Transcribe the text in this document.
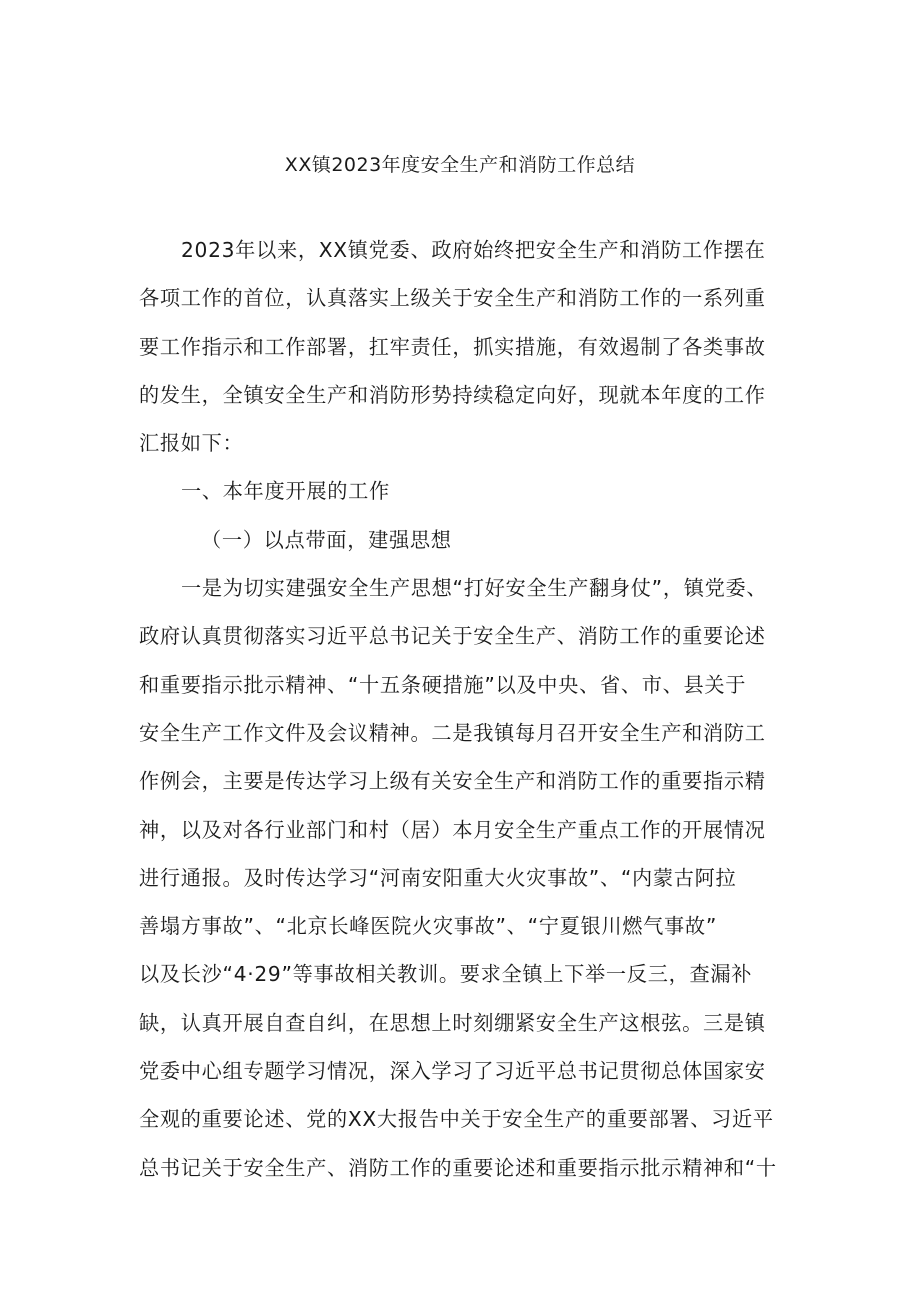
XX镇2023年度安全生产和消防工作总结
2023年以来，XX镇党委、政府始终把安全生产和消防工作摆在
各项工作的首位，认真落实上级关于安全生产和消防工作的一系列重
要工作指示和工作部署，扛牢责任，抓实措施，有效遏制了各类事故
的发生，全镇安全生产和消防形势持续稳定向好，现就本年度的工作
汇报如下：
一、本年度开展的工作
（一）以点带面，建强思想
一是为切实建强安全生产思想“打好安全生产翻身仗”，镇党委、
政府认真贯彻落实习近平总书记关于安全生产、消防工作的重要论述
和重要指示批示精神、“十五条硬措施”以及中央、省、市、县关于
安全生产工作文件及会议精神。二是我镇每月召开安全生产和消防工
作例会，主要是传达学习上级有关安全生产和消防工作的重要指示精
神，以及对各行业部门和村（居）本月安全生产重点工作的开展情况
进行通报。及时传达学习“河南安阳重大火灾事故”、“内蒙古阿拉
善塌方事故”、“北京长峰医院火灾事故”、“宁夏银川燃气事故”
以及长沙“4·29”等事故相关教训。要求全镇上下举一反三，查漏补
缺，认真开展自查自纠，在思想上时刻绷紧安全生产这根弦。三是镇
党委中心组专题学习情况，深入学习了习近平总书记贯彻总体国家安
全观的重要论述、党的XX大报告中关于安全生产的重要部署、习近平
总书记关于安全生产、消防工作的重要论述和重要指示批示精神和“十
